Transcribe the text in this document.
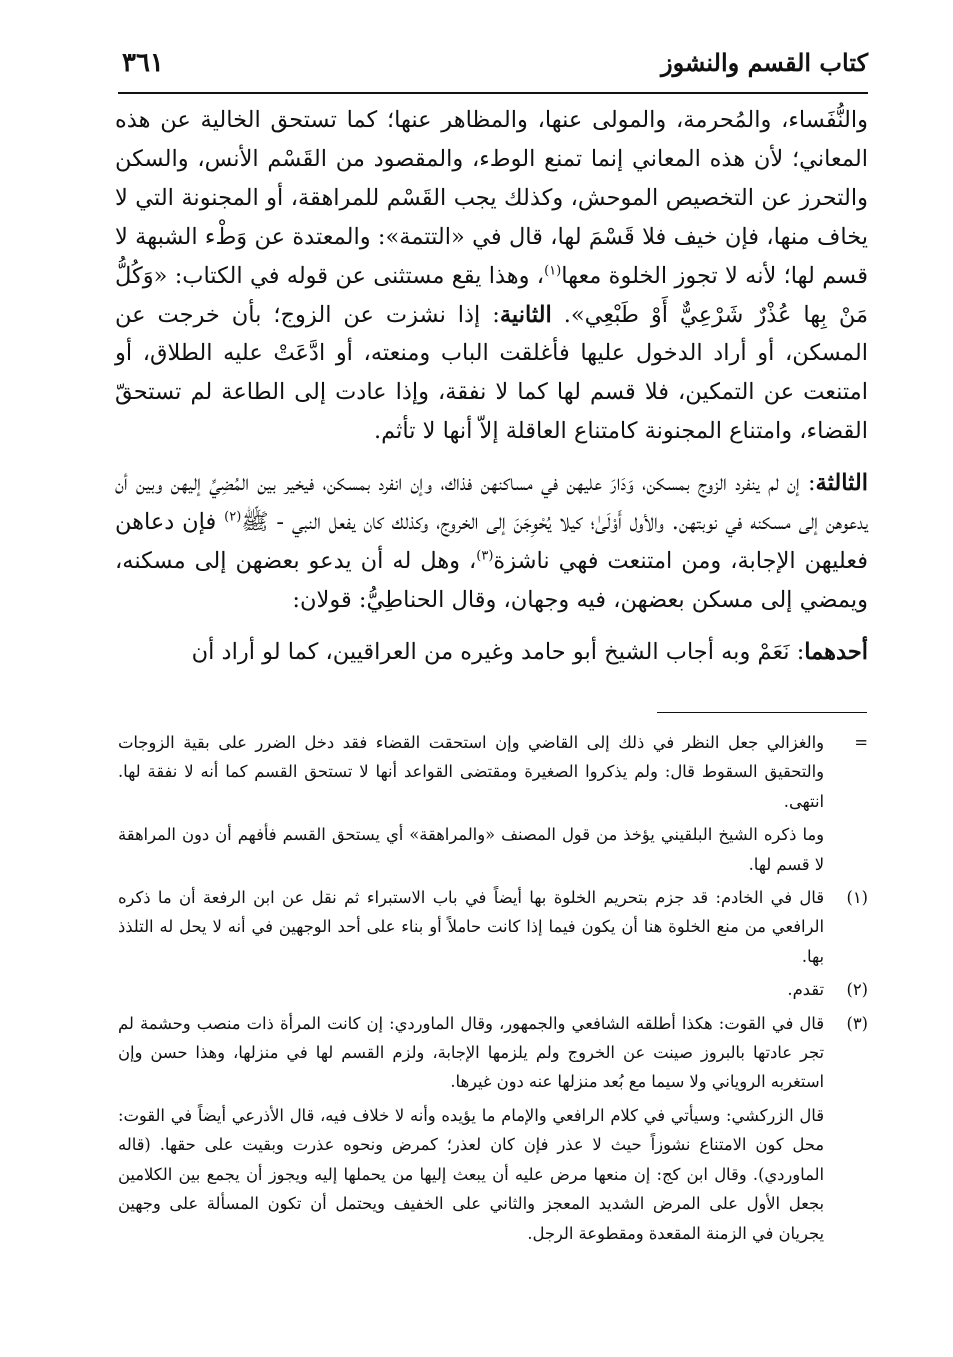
كتاب القسم والنشوز
٣٦١

والنُّفَساء، والمُحرمة، والمولى عنها، والمظاهر عنها؛ كما تستحق الخالية عن هذه المعاني؛ لأن هذه المعاني إنما تمنع الوطء، والمقصود من القَسْم الأنس، والسكن والتحرز عن التخصيص الموحش، وكذلك يجب القَسْم للمراهقة، أو المجنونة التي لا يخاف منها، فإن خيف فلا قَسْمَ لها، قال في «التتمة»: والمعتدة عن وَطْء الشبهة لا قسم لها؛ لأنه لا تجوز الخلوة معها$^{(١)}$، وهذا يقع مستثنى عن قوله في الكتاب: «وَكُلُّ مَنْ بِها عُذْرٌ شَرْعِيٌّ أَوْ طَبْعِي». الثانية: إذا نشزت عن الزوج؛ بأن خرجت عن المسكن، أو أراد الدخول عليها فأغلقت الباب ومنعته، أو ادَّعَتْ عليه الطلاق، أو امتنعت عن التمكين، فلا قسم لها كما لا نفقة، وإذا عادت إلى الطاعة لم تستحقّ القضاء، وامتناع المجنونة كامتناع العاقلة إلاّ أنها لا تأثم.

الثالثة: إن لم ينفرد الزوج بمسكن، وَدَارَ عليهن في مساكنهن فذاك، وإن انفرد بمسكن، فيخير بين المُضِيِّ إليهن وبين أن يدعوهن إلى مسكنه في نوبتهن. والأول أَوْلَىٰ؛ كيلا يُحْوِجَنَ إلى الخروج، وكذلك كان يفعل النبي - ﷺ$^{(٢)}$ فإن دعاهن فعليهن الإجابة، ومن امتنعت فهي ناشزة$^{(٣)}$، وهل له أن يدعو بعضهن إلى مسكنه، ويمضي إلى مسكن بعضهن، فيه وجهان، وقال الحناطِيُّ: قولان:

أحدهما: نَعَمْ وبه أجاب الشيخ أبو حامد وغيره من العراقيين، كما لو أراد أن

=

والغزالي جعل النظر في ذلك إلى القاضي وإن استحقت القضاء فقد دخل الضرر على بقية الزوجات والتحقيق السقوط قال: ولم يذكروا الصغيرة ومقتضى القواعد أنها لا تستحق القسم كما أنه لا نفقة لها. انتهى.

وما ذكره الشيخ البلقيني يؤخذ من قول المصنف «والمراهقة» أي يستحق القسم فأفهم أن دون المراهقة لا قسم لها.

(١)

قال في الخادم: قد جزم بتحريم الخلوة بها أيضاً في باب الاستبراء ثم نقل عن ابن الرفعة أن ما ذكره الرافعي من منع الخلوة هنا أن يكون فيما إذا كانت حاملاً أو بناء على أحد الوجهين في أنه لا يحل له التلذذ بها.

(٢)

تقدم.

(٣)

قال في القوت: هكذا أطلقه الشافعي والجمهور، وقال الماوردي: إن كانت المرأة ذات منصب وحشمة لم تجر عادتها بالبروز صينت عن الخروج ولم يلزمها الإجابة، ولزم القسم لها في منزلها، وهذا حسن وإن استغربه الروياني ولا سيما مع بُعد منزلها عنه دون غيرها.

قال الزركشي: وسيأتي في كلام الرافعي والإمام ما يؤيده وأنه لا خلاف فيه، قال الأذرعي أيضاً في القوت: محل كون الامتناع نشوزاً حيث لا عذر فإن كان لعذر؛ كمرض ونحوه عذرت وبقيت على حقها. (قاله الماوردي). وقال ابن كج: إن منعها مرض عليه أن يبعث إليها من يحملها إليه ويجوز أن يجمع بين الكلامين بجعل الأول على المرض الشديد المعجز والثاني على الخفيف ويحتمل أن تكون المسألة على وجهين يجريان في الزمنة المقعدة ومقطوعة الرجل.
